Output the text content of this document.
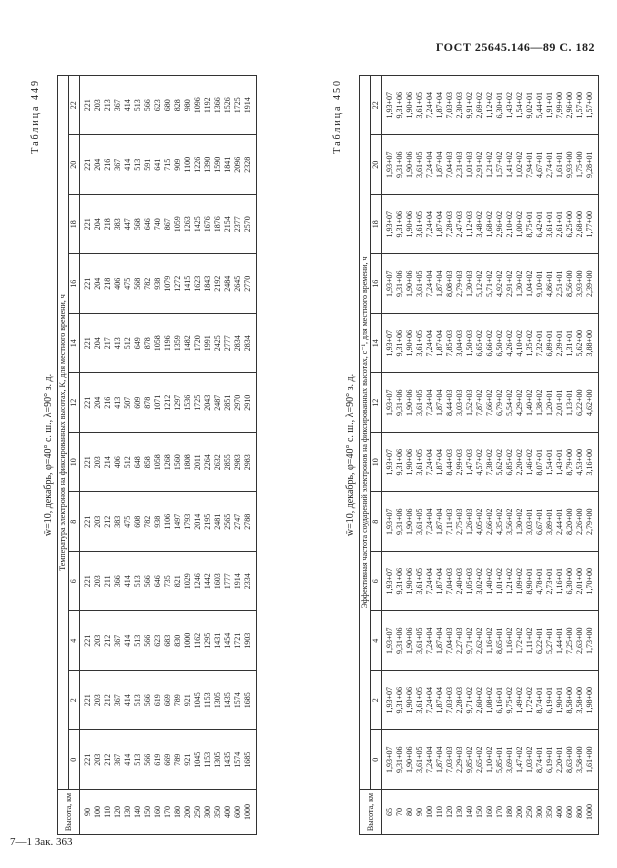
ГОСТ 25645.146—89 С. 182
Таблица 449
w̄=10, декабрь, φ=40° с. ш., λ=90° з. д.
Высота, км	Температура электронов на фиксированных высотах, K, для местного времени, ч											
	0	2	4	6	8	10	12	14	16	18	20	22
90	221	221	221	221	221	221	221	221	221	221	221	221
100	203	203	203	203	203	203	204	204	204	204	204	203
110	212	212	212	211	212	214	216	217	218	218	216	213
120	367	367	367	366	383	406	413	413	406	383	367	367
130	414	414	414	414	475	512	507	512	475	447	414	414
140	513	513	513	513	608	648	609	649	568	568	513	513
150	566	566	566	566	782	858	878	878	782	646	591	566
160	619	619	623	646	938	1058	1071	1058	938	740	641	623
170	669	669	683	735	1106	1268	1212	1196	1079	867	715	680
180	789	789	830	821	1497	1560	1297	1359	1272	1059	909	828
200	921	921	1000	1029	1793	1808	1536	1482	1415	1263	1100	980
250	1045	1045	1162	1246	2014	2011	1725	1720	1623	1425	1226	1096
300	1153	1153	1295	1442	2195	2264	2043	1991	1843	1676	1390	1192
350	1305	1305	1431	1603	2481	2632	2487	2425	2192	1876	1590	1366
400	1435	1435	1454	1777	2565	2855	2851	2777	2484	2154	1841	1526
600	1574	1574	1721	1914	2747	2983	2970	2834	2645	2377	2096	1725
1000	1685	1685	1903	2334	2788	2983	2910	2834	2770	2570	2328	1914	Таблица 450
w̄=10, декабрь, φ=40° с. ш., λ=90° з. д.
Высота, км	Эффективная частота соударений электронов на фиксированных высотах, с⁻¹, для местного времени, ч											
	0	2	4	6	8	10	12	14	16	18	20	22
65	1,93+07	1,93+07	1,93+07	1,93+07	1,93+07	1,93+07	1,93+07	1,93+07	1,93+07	1,93+07	1,93+07	1,93+07
70	9,31+06	9,31+06	9,31+06	9,31+06	9,31+06	9,31+06	9,31+06	9,31+06	9,31+06	9,31+06	9,31+06	9,31+06
80	1,90+06	1,90+06	1,90+06	1,90+06	1,90+06	1,90+06	1,90+06	1,90+06	1,90+06	1,90+06	1,90+06	1,90+06
90	3,61+05	3,61+05	3,61+05	3,61+05	3,61+05	3,61+05	3,61+05	3,61+05	3,61+05	3,61+05	3,61+05	3,61+05
100	7,24+04	7,24+04	7,24+04	7,24+04	7,24+04	7,24+04	7,24+04	7,24+04	7,24+04	7,24+04	7,24+04	7,24+04
110	1,87+04	1,87+04	1,87+04	1,87+04	1,87+04	1,87+04	1,87+04	1,87+04	1,87+04	1,87+04	1,87+04	1,87+04
120	7,03+03	7,03+03	7,04+03	7,04+03	7,11+03	8,44+03	8,44+03	7,85+03	8,08+03	7,28+03	7,04+03	7,03+03
130	2,29+03	2,28+03	2,27+03	2,40+03	2,75+03	2,99+03	3,03+03	3,04+03	2,79+03	2,47+03	2,31+03	2,30+03
140	9,85+02	9,71+02	9,71+02	1,05+03	1,26+03	1,47+03	1,52+03	1,50+03	1,30+03	1,12+03	1,01+03	9,91+02
150	2,65+02	2,60+02	2,62+02	3,02+02	4,05+02	4,57+02	7,87+02	6,65+02	5,12+02	3,48+02	2,91+02	2,69+02
160	1,10+02	1,08+02	1,16+02	1,40+02	2,66+02	7,38+02	7,66+02	6,66+02	5,71+02	1,68+02	1,21+02	1,12+02
170	5,85+01	6,16+01	8,65+01	1,01+02	4,35+02	5,62+02	6,79+02	6,50+02	4,92+02	2,96+02	1,57+02	6,30+01
180	3,69+01	9,75+02	1,16+02	1,21+02	3,56+02	6,85+02	5,54+02	4,26+02	2,91+02	2,10+02	1,41+02	1,43+02
200	1,47+02	1,49+02	1,72+02	1,09+02	1,30+02	2,20+02	4,29+02	4,10+02	1,30+02	1,00+02	1,02+02	1,54+02
250	1,03+02	1,72+02	1,11+02	8,90+01	3,03+01	1,46+02	1,40+02	1,35+02	1,04+02	8,75+01	7,94+01	9,02+01
300	8,74+01	8,74+01	6,22+01	4,78+01	6,67+01	8,07+01	1,38+02	7,32+01	9,10+01	6,42+01	4,67+01	5,44+01
350	6,19+01	6,19+01	5,27+01	2,73+01	3,89+01	1,54+01	1,20+01	6,89+01	4,86+01	3,61+01	2,74+01	1,91+01
400	2,20+01	1,90+01	1,44+01	1,16+01	2,44+01	1,43+01	2,01+01	2,39+01	2,51+01	2,61+01	1,61+01	7,99+00
600	8,63+00	8,58+00	7,25+00	6,30+00	8,20+00	8,79+00	1,13+01	1,31+01	8,56+00	6,25+00	9,93+00	2,96+00
800	3,58+00	3,58+00	2,63+00	2,01+00	2,26+00	4,53+00	6,22+00	5,62+00	3,93+00	2,68+00	1,75+00	1,57+00
1000	1,61+00	1,98+00	1,73+00	1,70+00	2,79+00	3,16+00	4,62+00	3,88+00	2,39+00	1,77+00	9,28+01	1,57+00
7—1 Зак. 363
